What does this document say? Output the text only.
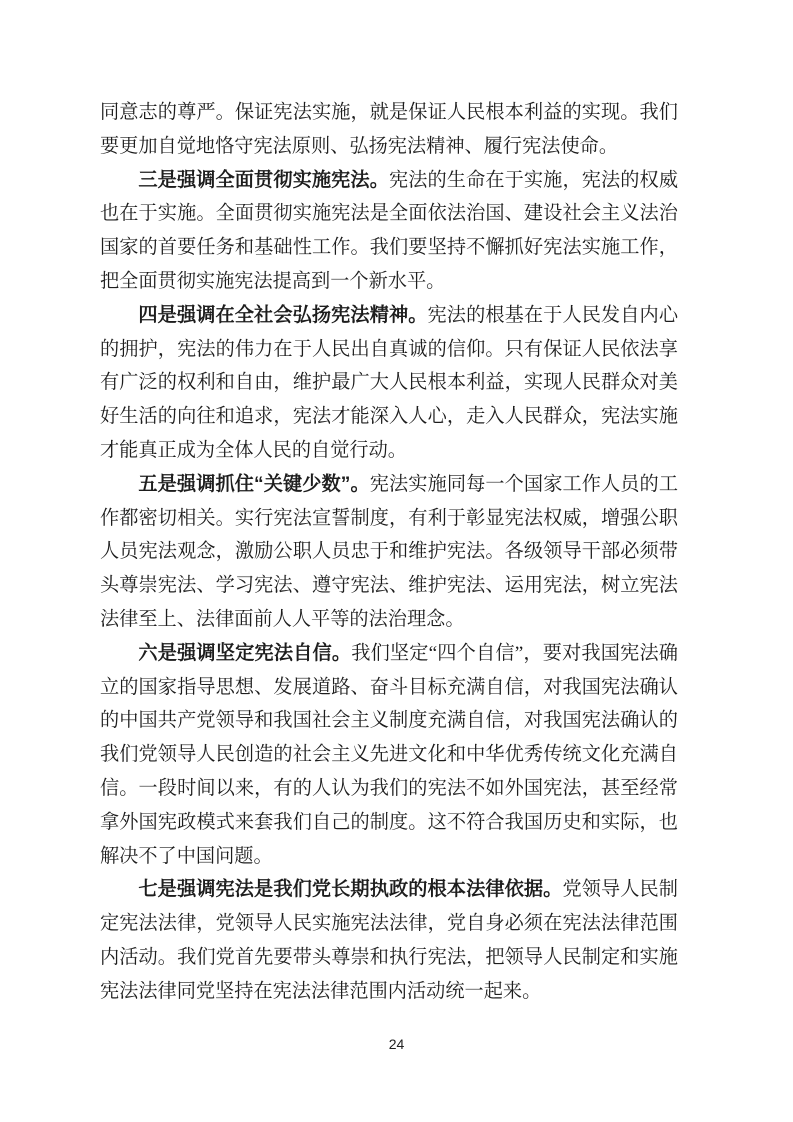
同意志的尊严。保证宪法实施，就是保证人民根本利益的实现。我们要更加自觉地恪守宪法原则、弘扬宪法精神、履行宪法使命。

三是强调全面贯彻实施宪法。宪法的生命在于实施，宪法的权威也在于实施。全面贯彻实施宪法是全面依法治国、建设社会主义法治国家的首要任务和基础性工作。我们要坚持不懈抓好宪法实施工作，把全面贯彻实施宪法提高到一个新水平。

四是强调在全社会弘扬宪法精神。宪法的根基在于人民发自内心的拥护，宪法的伟力在于人民出自真诚的信仰。只有保证人民依法享有广泛的权利和自由，维护最广大人民根本利益，实现人民群众对美好生活的向往和追求，宪法才能深入人心，走入人民群众，宪法实施才能真正成为全体人民的自觉行动。

五是强调抓住“关键少数”。宪法实施同每一个国家工作人员的工作都密切相关。实行宪法宣誓制度，有利于彰显宪法权威，增强公职人员宪法观念，激励公职人员忠于和维护宪法。各级领导干部必须带头尊崇宪法、学习宪法、遵守宪法、维护宪法、运用宪法，树立宪法法律至上、法律面前人人平等的法治理念。

六是强调坚定宪法自信。我们坚定“四个自信”，要对我国宪法确立的国家指导思想、发展道路、奋斗目标充满自信，对我国宪法确认的中国共产党领导和我国社会主义制度充满自信，对我国宪法确认的我们党领导人民创造的社会主义先进文化和中华优秀传统文化充满自信。一段时间以来，有的人认为我们的宪法不如外国宪法，甚至经常拿外国宪政模式来套我们自己的制度。这不符合我国历史和实际，也解决不了中国问题。

七是强调宪法是我们党长期执政的根本法律依据。党领导人民制定宪法法律，党领导人民实施宪法法律，党自身必须在宪法法律范围内活动。我们党首先要带头尊崇和执行宪法，把领导人民制定和实施宪法法律同党坚持在宪法法律范围内活动统一起来。

24
